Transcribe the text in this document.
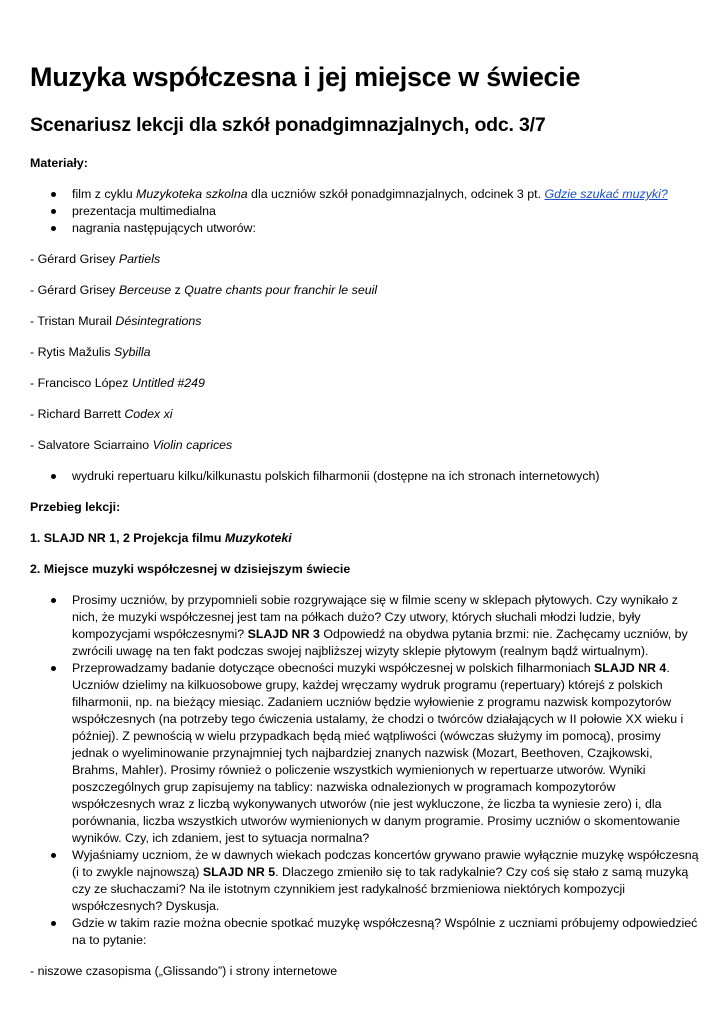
Muzyka współczesna i jej miejsce w świecie
Scenariusz lekcji dla szkół ponadgimnazjalnych, odc. 3/7

Materiały:

film z cyklu Muzykoteka szkolna dla uczniów szkół ponadgimnazjalnych, odcinek 3 pt. Gdzie szukać muzyki?
prezentacja multimedialna
nagrania następujących utworów:

- Gérard Grisey Partiels

- Gérard Grisey Berceuse z Quatre chants pour franchir le seuil

- Tristan Murail Désintegrations

- Rytis Mažulis Sybilla

- Francisco López Untitled #249

- Richard Barrett Codex xi

- Salvatore Sciarraino Violin caprices

wydruki repertuaru kilku/kilkunastu polskich filharmonii (dostępne na ich stronach internetowych)

Przebieg lekcji:

1. SLAJD NR 1, 2 Projekcja filmu Muzykoteki

2. Miejsce muzyki współczesnej w dzisiejszym świecie

Prosimy uczniów, by przypomnieli sobie rozgrywające się w filmie sceny w sklepach płytowych. Czy wynikało z nich, że muzyki współczesnej jest tam na półkach dużo? Czy utwory, których słuchali młodzi ludzie, były kompozycjami współczesnymi? SLAJD NR 3 Odpowiedź na obydwa pytania brzmi: nie. Zachęcamy uczniów, by zwrócili uwagę na ten fakt podczas swojej najbliższej wizyty sklepie płytowym (realnym bądź wirtualnym).
Przeprowadzamy badanie dotyczące obecności muzyki współczesnej w polskich filharmoniach SLAJD NR 4. Uczniów dzielimy na kilkuosobowe grupy, każdej wręczamy wydruk programu (repertuary) którejś z polskich filharmonii, np. na bieżący miesiąc. Zadaniem uczniów będzie wyłowienie z programu nazwisk kompozytorów współczesnych (na potrzeby tego ćwiczenia ustalamy, że chodzi o twórców działających w II połowie XX wieku i później). Z pewnością w wielu przypadkach będą mieć wątpliwości (wówczas służymy im pomocą), prosimy jednak o wyeliminowanie przynajmniej tych najbardziej znanych nazwisk (Mozart, Beethoven, Czajkowski, Brahms, Mahler). Prosimy również o policzenie wszystkich wymienionych w repertuarze utworów. Wyniki poszczególnych grup zapisujemy na tablicy: nazwiska odnalezionych w programach kompozytorów współczesnych wraz z liczbą wykonywanych utworów (nie jest wykluczone, że liczba ta wyniesie zero) i, dla porównania, liczba wszystkich utworów wymienionych w danym programie. Prosimy uczniów o skomentowanie wyników. Czy, ich zdaniem, jest to sytuacja normalna?
Wyjaśniamy uczniom, że w dawnych wiekach podczas koncertów grywano prawie wyłącznie muzykę współczesną (i to zwykle najnowszą) SLAJD NR 5. Dlaczego zmieniło się to tak radykalnie? Czy coś się stało z samą muzyką czy ze słuchaczami? Na ile istotnym czynnikiem jest radykalność brzmieniowa niektórych kompozycji współczesnych? Dyskusja.
Gdzie w takim razie można obecnie spotkać muzykę współczesną? Wspólnie z uczniami próbujemy odpowiedzieć na to pytanie:

- niszowe czasopisma („Glissando”) i strony internetowe
